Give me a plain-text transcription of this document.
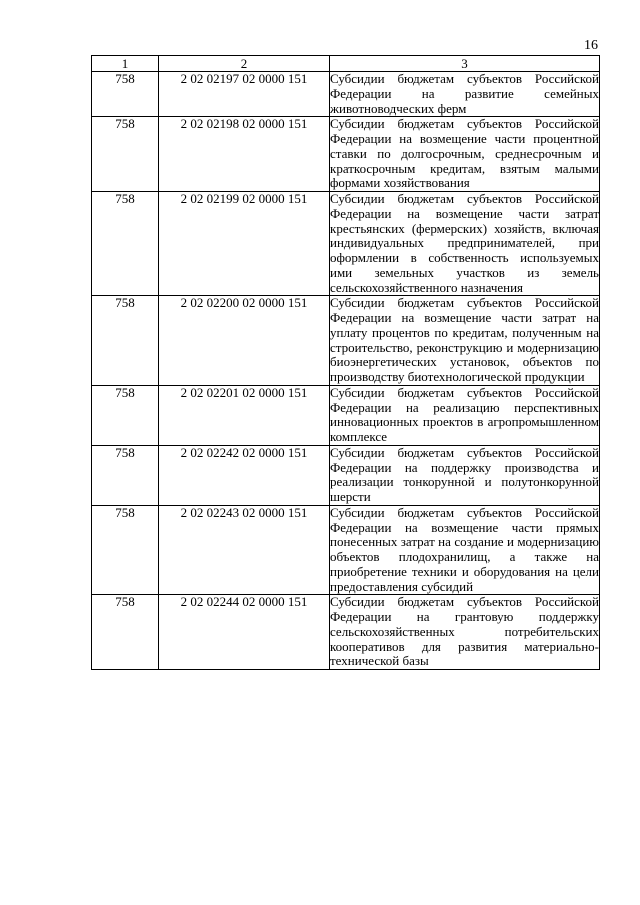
16
1	2	3
758	2 02 02197 02 0000 151	Субсидии бюджетам субъектов Российской Федерации на развитие семейных животноводческих ферм
758	2 02 02198 02 0000 151	Субсидии бюджетам субъектов Российской Федерации на возмещение части процентной ставки по долгосрочным, среднесрочным и краткосрочным кредитам, взятым малыми формами хозяйствования
758	2 02 02199 02 0000 151	Субсидии бюджетам субъектов Российской Федерации на возмещение части затрат крестьянских (фермерских) хозяйств, включая индивидуальных предпринимателей, при оформлении в собственность используемых ими земельных участков из земель сельскохозяйственного назначения
758	2 02 02200 02 0000 151	Субсидии бюджетам субъектов Российской Федерации на возмещение части затрат на уплату процентов по кредитам, полученным на строительство, реконструкцию и модернизацию биоэнергетических установок, объектов по производству биотехнологической продукции
758	2 02 02201 02 0000 151	Субсидии бюджетам субъектов Российской Федерации на реализацию перспективных инновационных проектов в агропромышленном комплексе
758	2 02 02242 02 0000 151	Субсидии бюджетам субъектов Российской Федерации на поддержку производства и реализации тонкорунной и полутонкорунной шерсти
758	2 02 02243 02 0000 151	Субсидии бюджетам субъектов Российской Федерации на возмещение части прямых понесенных затрат на создание и модернизацию объектов плодохранилищ, а также на приобретение техники и оборудования на цели предоставления субсидий
758	2 02 02244 02 0000 151	Субсидии бюджетам субъектов Российской Федерации на грантовую поддержку сельскохозяйственных потребительских кооперативов для развития материально-технической базы
